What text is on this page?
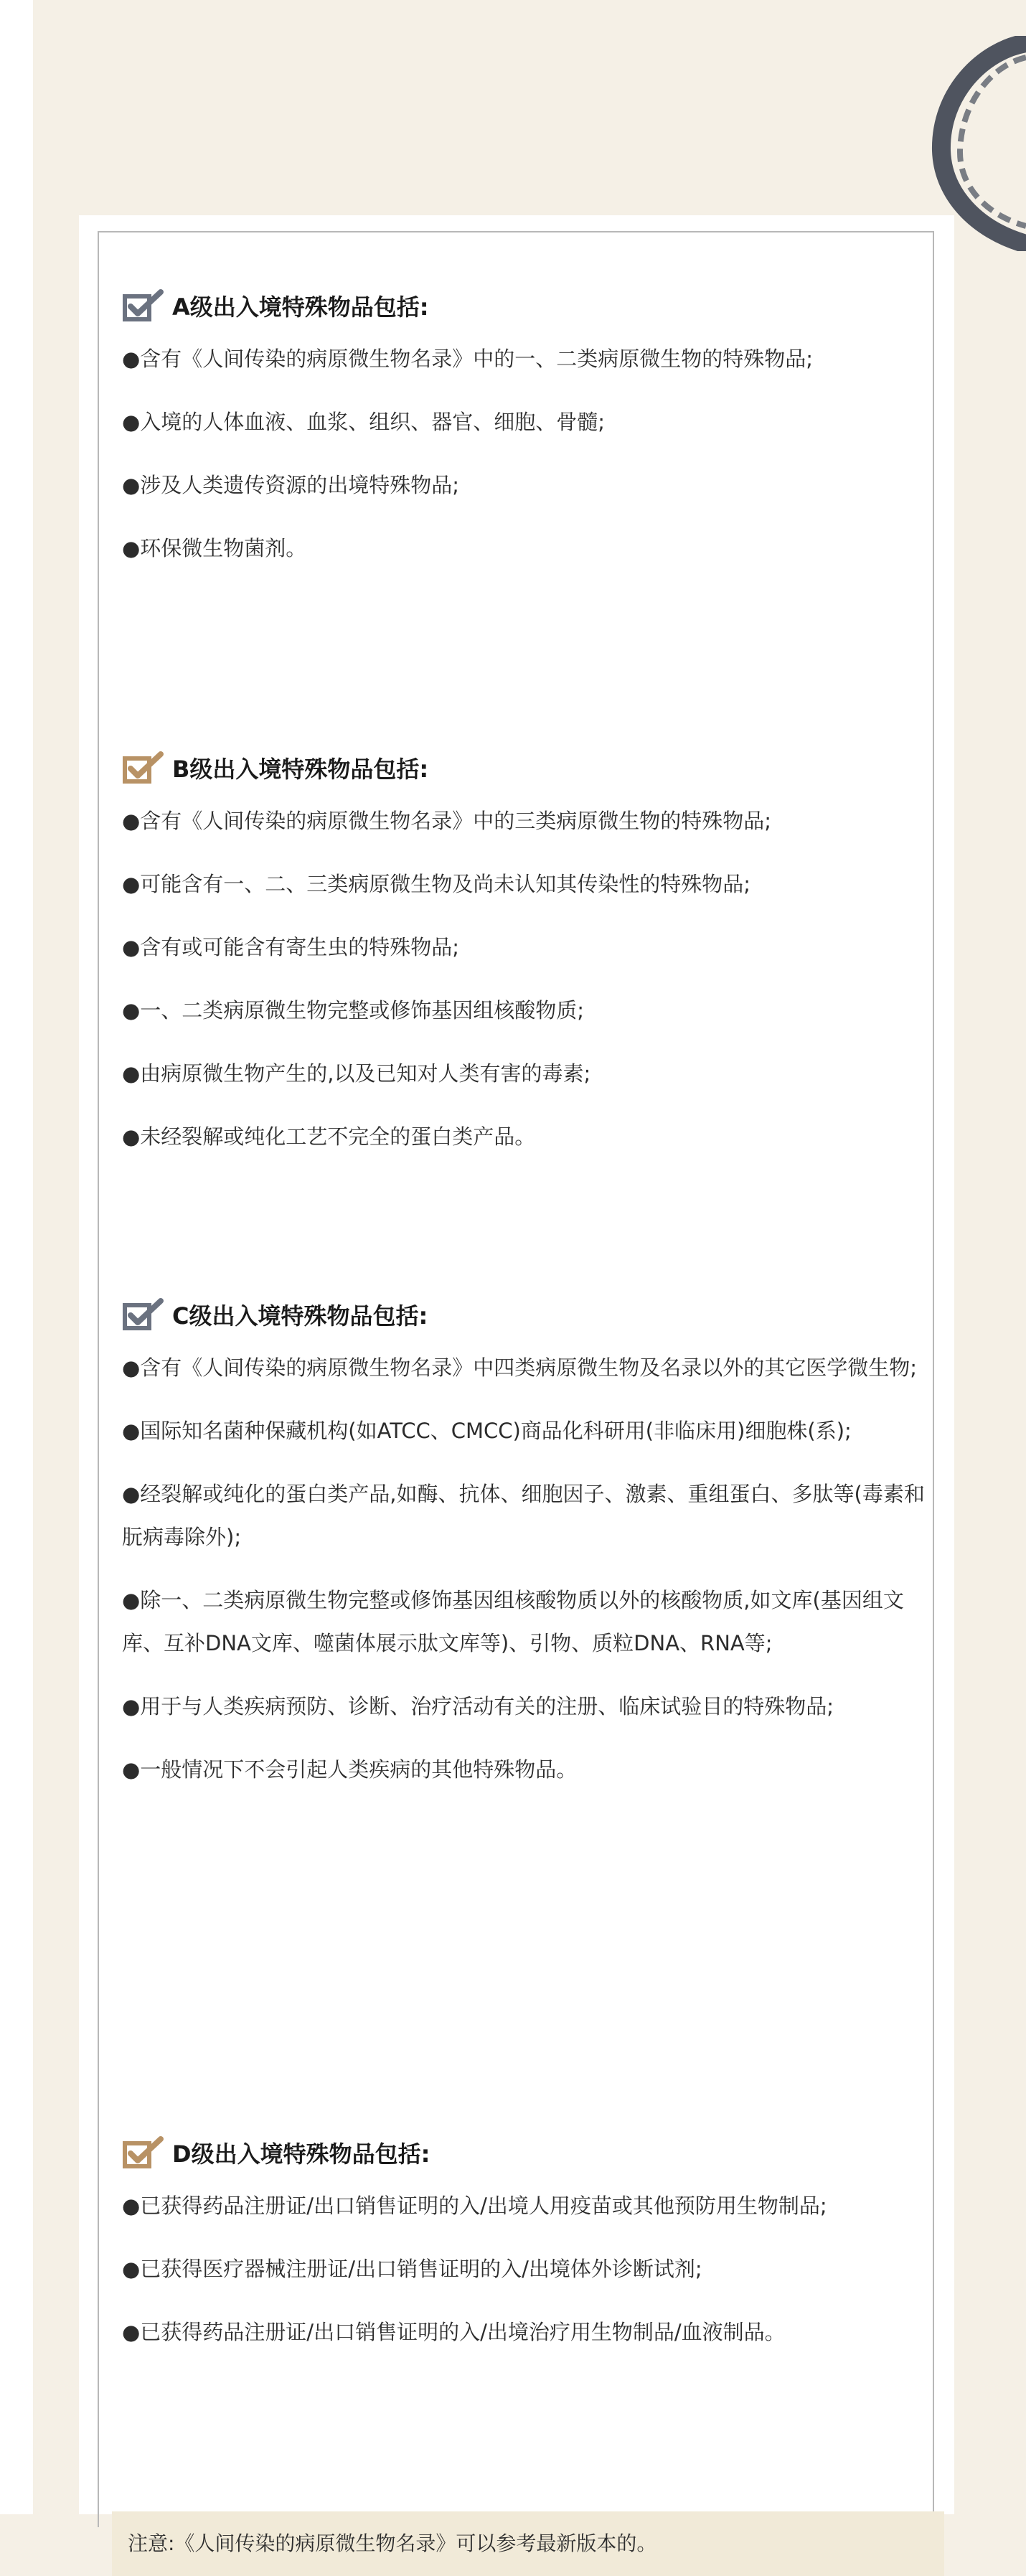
A级出入境特殊物品包括:
●含有《人间传染的病原微生物名录》中的一、二类病原微生物的特殊物品;
●入境的人体血液、血浆、组织、器官、细胞、骨髓;
●涉及人类遗传资源的出境特殊物品;
●环保微生物菌剂。
B级出入境特殊物品包括:
●含有《人间传染的病原微生物名录》中的三类病原微生物的特殊物品;
●可能含有一、二、三类病原微生物及尚未认知其传染性的特殊物品;
●含有或可能含有寄生虫的特殊物品;
●一、二类病原微生物完整或修饰基因组核酸物质;
●由病原微生物产生的,以及已知对人类有害的毒素;
●未经裂解或纯化工艺不完全的蛋白类产品。
C级出入境特殊物品包括:
●含有《人间传染的病原微生物名录》中四类病原微生物及名录以外的其它医学微生物;
●国际知名菌种保藏机构(如ATCC、CMCC)商品化科研用(非临床用)细胞株(系);
●经裂解或纯化的蛋白类产品,如酶、抗体、细胞因子、激素、重组蛋白、多肽等(毒素和朊病毒除外);
●除一、二类病原微生物完整或修饰基因组核酸物质以外的核酸物质,如文库(基因组文库、互补DNA文库、噬菌体展示肽文库等)、引物、质粒DNA、RNA等;
●用于与人类疾病预防、诊断、治疗活动有关的注册、临床试验目的特殊物品;
●一般情况下不会引起人类疾病的其他特殊物品。
D级出入境特殊物品包括:
●已获得药品注册证/出口销售证明的入/出境人用疫苗或其他预防用生物制品;
●已获得医疗器械注册证/出口销售证明的入/出境体外诊断试剂;
●已获得药品注册证/出口销售证明的入/出境治疗用生物制品/血液制品。
注意:《人间传染的病原微生物名录》可以参考最新版本的。
